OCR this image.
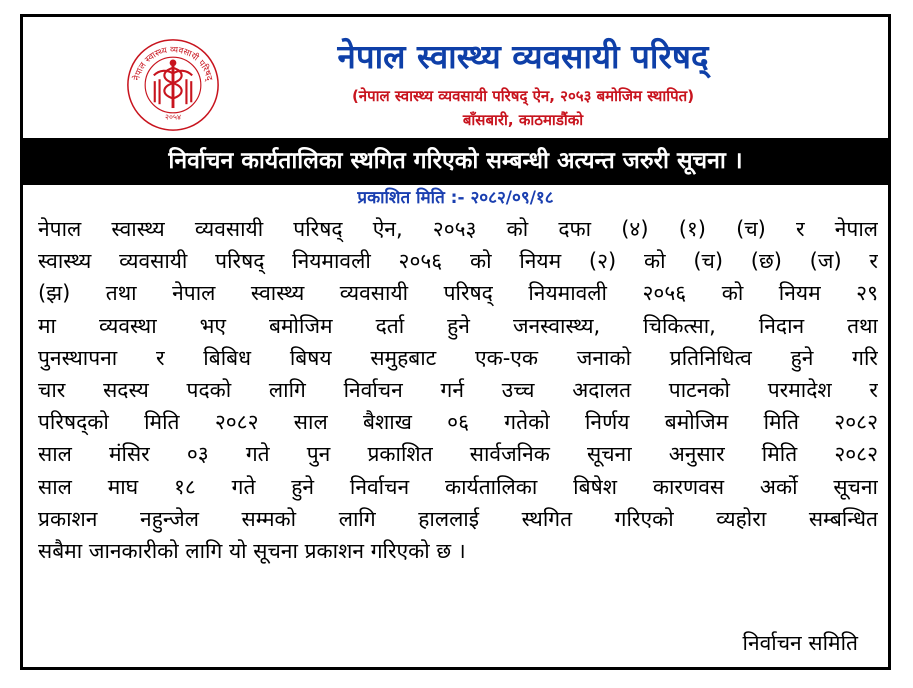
नेपाल स्वास्थ्य व्यवसायी परिषद्
२०५४
नेपाल स्वास्थ्य व्यवसायी परिषद्
(नेपाल स्वास्थ्य व्यवसायी परिषद् ऐन, २०५३ बमोजिम स्थापित)
बाँसबारी, काठमाडौंको
निर्वाचन कार्यतालिका स्थगित गरिएको सम्बन्धी अत्यन्त जरुरी सूचना ।
प्रकाशित मिति :- २०८२/०९/१८
नेपाल स्वास्थ्य व्यवसायी परिषद् ऐन, २०५३ को दफा (४) (१) (च) र नेपाल
स्वास्थ्य व्यवसायी परिषद् नियमावली २०५६ को नियम (२) को (च) (छ) (ज) र
(झ) तथा नेपाल स्वास्थ्य व्यवसायी परिषद् नियमावली २०५६ को नियम २९
मा व्यवस्था भए बमोजिम दर्ता हुने जनस्वास्थ्य, चिकित्सा, निदान तथा
पुनस्थापना र बिबिध बिषय समुहबाट एक-एक जनाको प्रतिनिधित्व हुने गरि
चार सदस्य पदको लागि निर्वाचन गर्न उच्च अदालत पाटनको परमादेश र
परिषद्को मिति २०८२ साल बैशाख ०६ गतेको निर्णय बमोजिम मिति २०८२
साल मंसिर ०३ गते पुन प्रकाशित सार्वजनिक सूचना अनुसार मिति २०८२
साल माघ १८ गते हुने निर्वाचन कार्यतालिका बिषेश कारणवस अर्को सूचना
प्रकाशन नहुन्जेल सम्मको लागि हाललाई स्थगित गरिएको व्यहोरा सम्बन्धित
सबैमा जानकारीको लागि यो सूचना प्रकाशन गरिएको छ ।
निर्वाचन समिति
